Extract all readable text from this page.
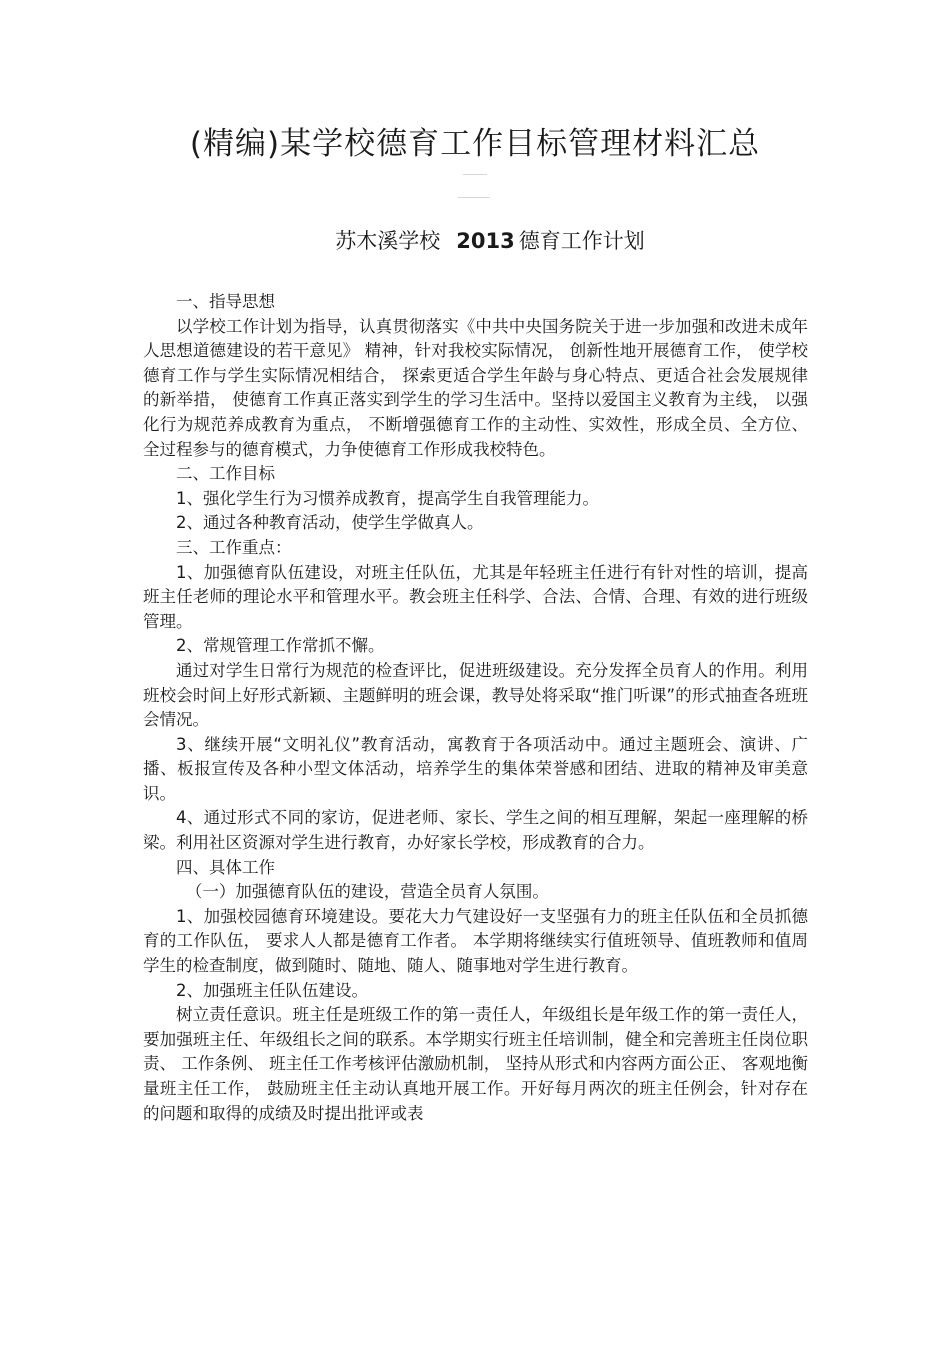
(精编)某学校德育工作目标管理材料汇总
苏木溪学校 2013 德育工作计划

一、指导思想

以学校工作计划为指导，认真贯彻落实《中共中央国务院关于进一步加强和改进未成年人思想道德建设的若干意见》 精神，针对我校实际情况， 创新性地开展德育工作， 使学校德育工作与学生实际情况相结合， 探索更适合学生年龄与身心特点、更适合社会发展规律的新举措， 使德育工作真正落实到学生的学习生活中。坚持以爱国主义教育为主线， 以强化行为规范养成教育为重点， 不断增强德育工作的主动性、实效性，形成全员、全方位、全过程参与的德育模式，力争使德育工作形成我校特色。

二、工作目标

1、强化学生行为习惯养成教育，提高学生自我管理能力。

2、通过各种教育活动，使学生学做真人。

三、工作重点：

1、加强德育队伍建设，对班主任队伍，尤其是年轻班主任进行有针对性的培训，提高班主任老师的理论水平和管理水平。教会班主任科学、合法、合情、合理、有效的进行班级管理。

2、常规管理工作常抓不懈。

通过对学生日常行为规范的检查评比，促进班级建设。充分发挥全员育人的作用。利用班校会时间上好形式新颖、主题鲜明的班会课，教导处将采取“推门听课”的形式抽查各班班会情况。

3、继续开展“文明礼仪”教育活动，寓教育于各项活动中。通过主题班会、演讲、广播、板报宣传及各种小型文体活动，培养学生的集体荣誉感和团结、进取的精神及审美意识。

4、通过形式不同的家访，促进老师、家长、学生之间的相互理解，架起一座理解的桥梁。利用社区资源对学生进行教育，办好家长学校，形成教育的合力。

四、具体工作

（一）加强德育队伍的建设，营造全员育人氛围。

1、加强校园德育环境建设。要花大力气建设好一支坚强有力的班主任队伍和全员抓德育的工作队伍， 要求人人都是德育工作者。 本学期将继续实行值班领导、值班教师和值周学生的检查制度，做到随时、随地、随人、随事地对学生进行教育。

2、加强班主任队伍建设。

树立责任意识。班主任是班级工作的第一责任人，年级组长是年级工作的第一责任人，要加强班主任、年级组长之间的联系。本学期实行班主任培训制，健全和完善班主任岗位职责、 工作条例、 班主任工作考核评估激励机制， 坚持从形式和内容两方面公正、 客观地衡量班主任工作， 鼓励班主任主动认真地开展工作。开好每月两次的班主任例会，针对存在的问题和取得的成绩及时提出批评或表
